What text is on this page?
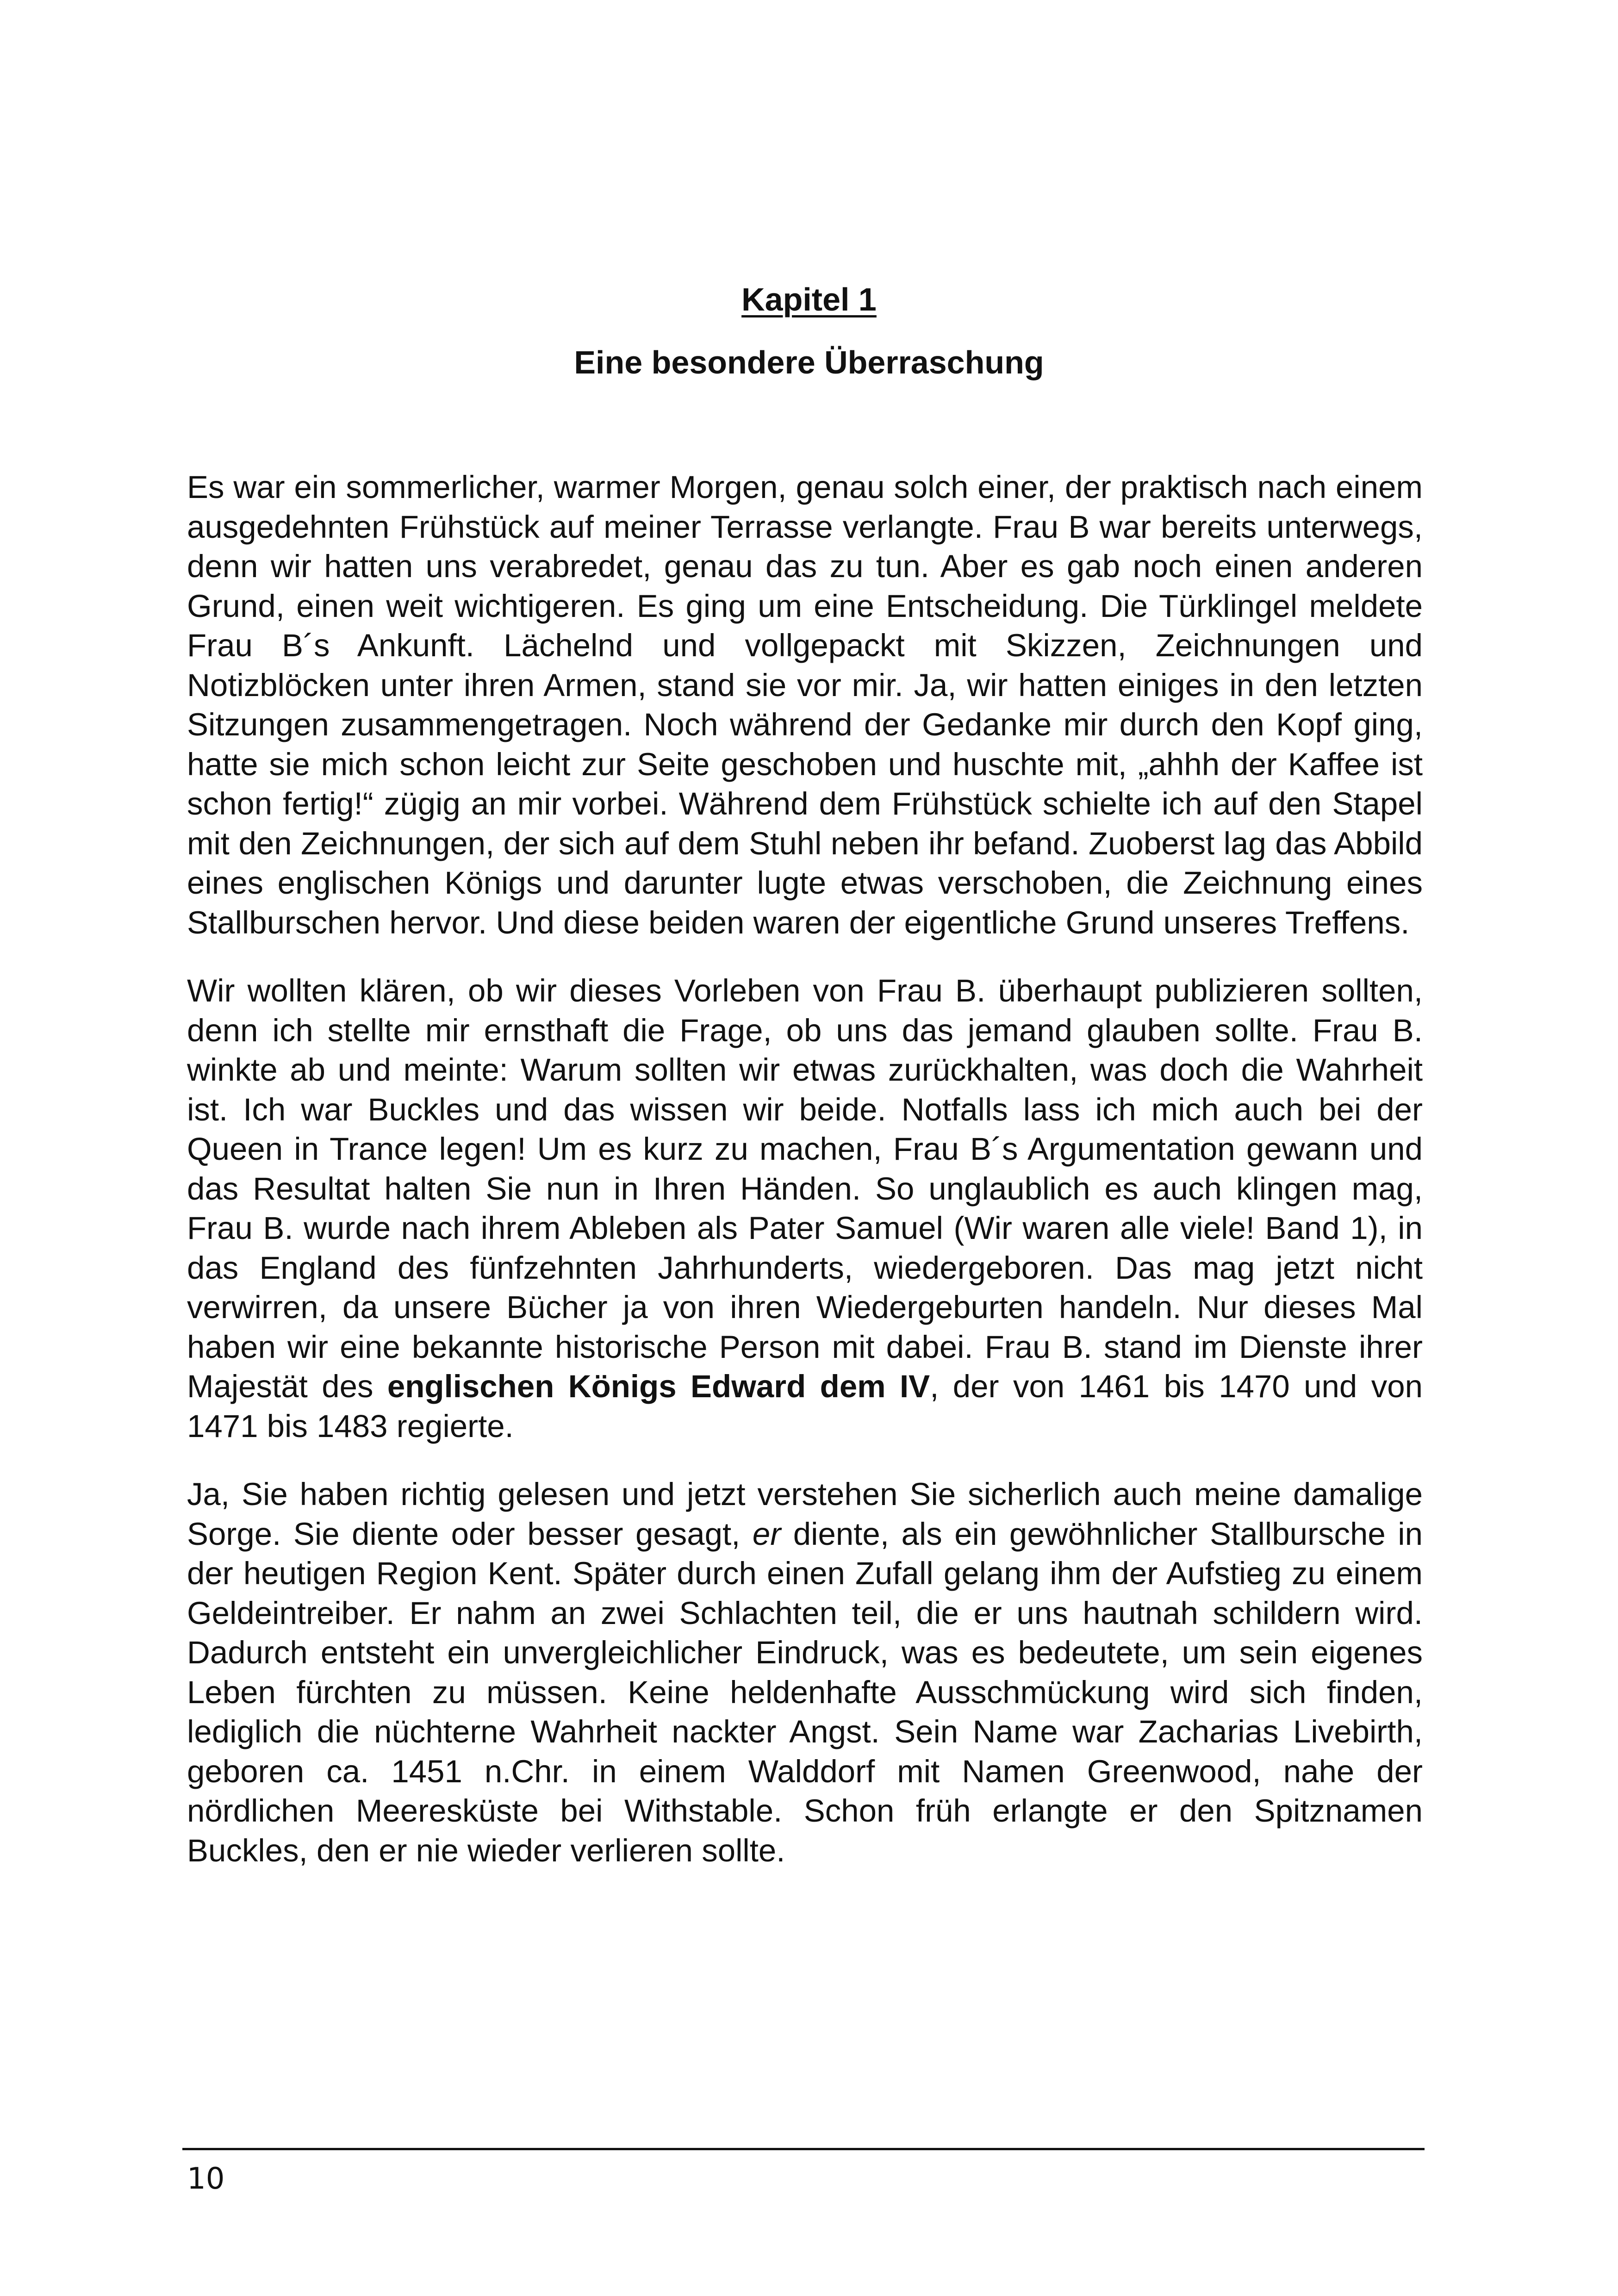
Kapitel 1
Eine besondere Überraschung

Es war ein sommerlicher, warmer Morgen, genau solch einer, der praktisch nach einem ausgedehnten Frühstück auf meiner Terrasse verlangte. Frau B war bereits unterwegs, denn wir hatten uns verabredet, genau das zu tun. Aber es gab noch einen anderen Grund, einen weit wichtigeren. Es ging um eine Entscheidung. Die Türklingel meldete Frau B´s Ankunft. Lächelnd und vollgepackt mit Skizzen, Zeichnungen und Notizblöcken unter ihren Armen, stand sie vor mir. Ja, wir hatten einiges in den letzten Sitzungen zusammengetragen. Noch während der Gedanke mir durch den Kopf ging, hatte sie mich schon leicht zur Seite geschoben und huschte mit, „ahhh der Kaffee ist schon fertig!“ zügig an mir vorbei. Während dem Frühstück schielte ich auf den Stapel mit den Zeichnungen, der sich auf dem Stuhl neben ihr befand. Zuoberst lag das Abbild eines englischen Königs und darunter lugte etwas verschoben, die Zeichnung eines Stallburschen hervor. Und diese beiden waren der eigentliche Grund unseres Treffens.

Wir wollten klären, ob wir dieses Vorleben von Frau B. überhaupt publizieren sollten, denn ich stellte mir ernsthaft die Frage, ob uns das jemand glauben sollte. Frau B. winkte ab und meinte: Warum sollten wir etwas zurückhalten, was doch die Wahrheit ist. Ich war Buckles und das wissen wir beide. Notfalls lass ich mich auch bei der Queen in Trance legen! Um es kurz zu machen, Frau B´s Argumentation gewann und das Resultat halten Sie nun in Ihren Händen. So unglaublich es auch klingen mag, Frau B. wurde nach ihrem Ableben als Pater Samuel (Wir waren alle viele! Band 1), in das England des fünfzehnten Jahrhunderts, wiedergeboren. Das mag jetzt nicht verwirren, da unsere Bücher ja von ihren Wiedergeburten handeln. Nur dieses Mal haben wir eine bekannte historische Person mit dabei. Frau B. stand im Dienste ihrer Majestät des englischen Königs Edward dem IV, der von 1461 bis 1470 und von 1471 bis 1483 regierte.

Ja, Sie haben richtig gelesen und jetzt verstehen Sie sicherlich auch meine damalige Sorge. Sie diente oder besser gesagt, er diente, als ein gewöhnlicher Stallbursche in der heutigen Region Kent. Später durch einen Zufall gelang ihm der Aufstieg zu einem Geldeintreiber. Er nahm an zwei Schlachten teil, die er uns hautnah schildern wird. Dadurch entsteht ein unvergleichlicher Eindruck, was es bedeutete, um sein eigenes Leben fürchten zu müssen. Keine heldenhafte Ausschmückung wird sich finden, lediglich die nüchterne Wahrheit nackter Angst. Sein Name war Zacharias Livebirth, geboren ca. 1451 n.Chr. in einem Walddorf mit Namen Greenwood, nahe der nördlichen Meeresküste bei Withstable. Schon früh erlangte er den Spitznamen Buckles, den er nie wieder verlieren sollte.

10
